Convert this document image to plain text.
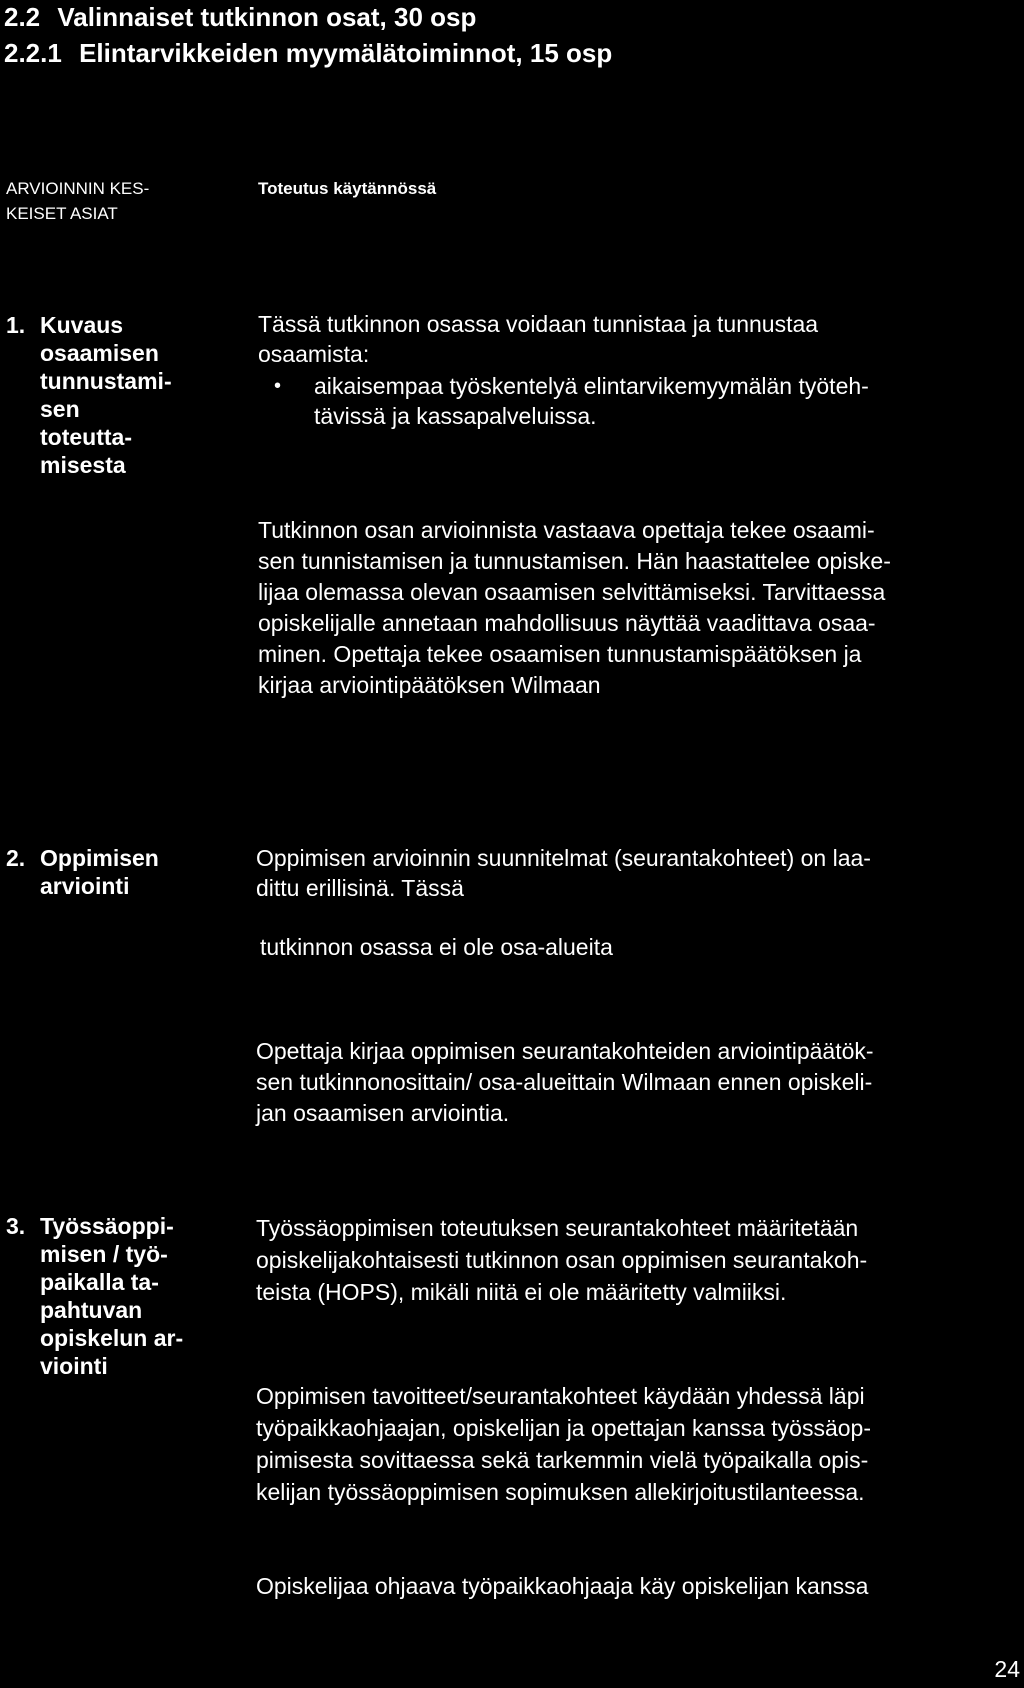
2.2 Valinnaiset tutkinnon osat, 30 osp
2.2.1 Elintarvikkeiden myymälätoiminnot, 15 osp
ARVIOINNIN KES-
KEISET ASIAT
Toteutus käytännössä
1. Kuvaus
osaamisen
tunnustami-
sen toteutta-
misesta
Tässä tutkinnon osassa voidaan tunnistaa ja tunnustaa
osaamista:
• aikaisempaa työskentelyä elintarvikemyymälän työteh-
tävissä ja kassapalveluissa.
Tutkinnon osan arvioinnista vastaava opettaja tekee osaami-
sen tunnistamisen ja tunnustamisen. Hän haastattelee opiske-
lijaa olemassa olevan osaamisen selvittämiseksi. Tarvittaessa
opiskelijalle annetaan mahdollisuus näyttää vaadittava osaa-
minen. Opettaja tekee osaamisen tunnustamispäätöksen ja
kirjaa arviointipäätöksen Wilmaan
2. Oppimisen
arviointi
Oppimisen arvioinnin suunnitelmat (seurantakohteet) on laa-
dittu erillisinä. Tässä
tutkinnon osassa ei ole osa-alueita
Opettaja kirjaa oppimisen seurantakohteiden arviointipäätök-
sen tutkinnonosittain/ osa-alueittain Wilmaan ennen opiskeli-
jan osaamisen arviointia.
3. Työssäoppi-
misen / työ-
paikalla ta-
pahtuvan
opiskelun ar-
viointi
Työssäoppimisen toteutuksen seurantakohteet määritetään
opiskelijakohtaisesti tutkinnon osan oppimisen seurantakoh-
teista (HOPS), mikäli niitä ei ole määritetty valmiiksi.
Oppimisen tavoitteet/seurantakohteet käydään yhdessä läpi
työpaikkaohjaajan, opiskelijan ja opettajan kanssa työssäop-
pimisesta sovittaessa sekä tarkemmin vielä työpaikalla opis-
kelijan työssäoppimisen sopimuksen allekirjoitustilanteessa.
Opiskelijaa ohjaava työpaikkaohjaaja käy opiskelijan kanssa
24
